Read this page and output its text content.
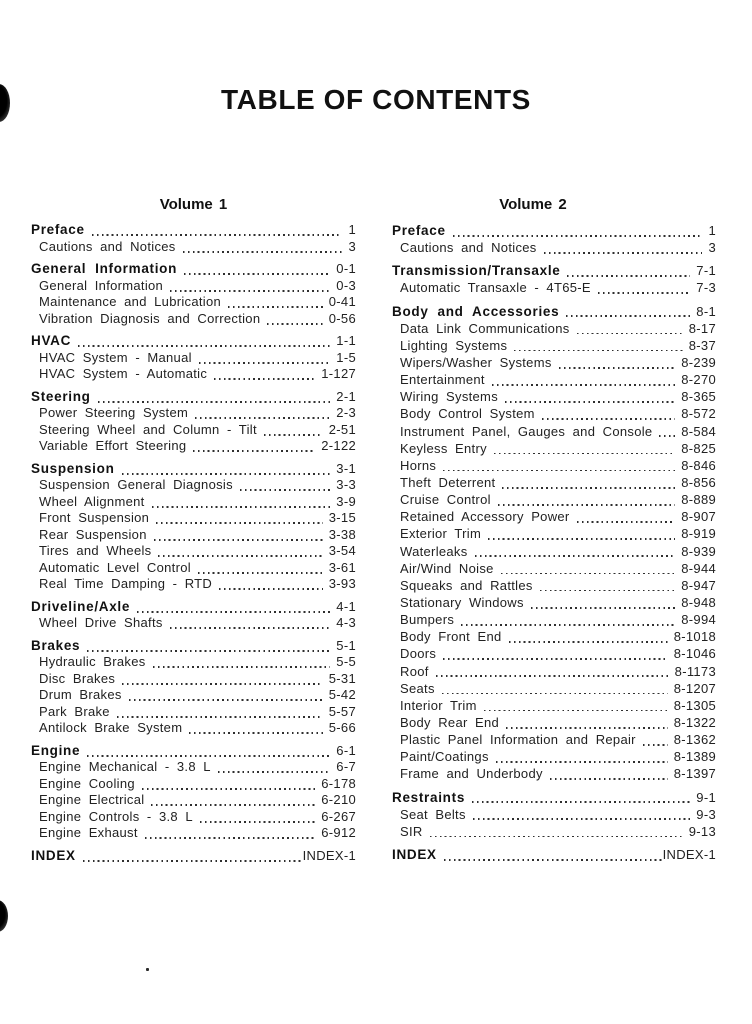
TABLE OF CONTENTS
Volume 1
Preface	1
Cautions and Notices	3
General Information	0-1
General Information	0-3
Maintenance and Lubrication	0-41
Vibration Diagnosis and Correction	0-56
HVAC	1-1
HVAC System - Manual	1-5
HVAC System - Automatic	1-127
Steering	2-1
Power Steering System	2-3
Steering Wheel and Column - Tilt	2-51
Variable Effort Steering	2-122
Suspension	3-1
Suspension General Diagnosis	3-3
Wheel Alignment	3-9
Front Suspension	3-15
Rear Suspension	3-38
Tires and Wheels	3-54
Automatic Level Control	3-61
Real Time Damping - RTD	3-93
Driveline/Axle	4-1
Wheel Drive Shafts	4-3
Brakes	5-1
Hydraulic Brakes	5-5
Disc Brakes	5-31
Drum Brakes	5-42
Park Brake	5-57
Antilock Brake System	5-66
Engine	6-1
Engine Mechanical - 3.8 L	6-7
Engine Cooling	6-178
Engine Electrical	6-210
Engine Controls - 3.8 L	6-267
Engine Exhaust	6-912
INDEX	INDEX-1
Volume 2
Preface	1
Cautions and Notices	3
Transmission/Transaxle	7-1
Automatic Transaxle - 4T65-E	7-3
Body and Accessories	8-1
Data Link Communications	8-17
Lighting Systems	8-37
Wipers/Washer Systems	8-239
Entertainment	8-270
Wiring Systems	8-365
Body Control System	8-572
Instrument Panel, Gauges and Console 8-584
Keyless Entry	8-825
Horns	8-846
Theft Deterrent	8-856
Cruise Control	8-889
Retained Accessory Power	8-907
Exterior Trim	8-919
Waterleaks	8-939
Air/Wind Noise	8-944
Squeaks and Rattles	8-947
Stationary Windows	8-948
Bumpers	8-994
Body Front End	8-1018
Doors	8-1046
Roof	8-1173
Seats	8-1207
Interior Trim	8-1305
Body Rear End	8-1322
Plastic Panel Information and Repair	8-1362
Paint/Coatings	8-1389
Frame and Underbody	8-1397
Restraints	9-1
Seat Belts	9-3
SIR	9-13
INDEX	INDEX-1
